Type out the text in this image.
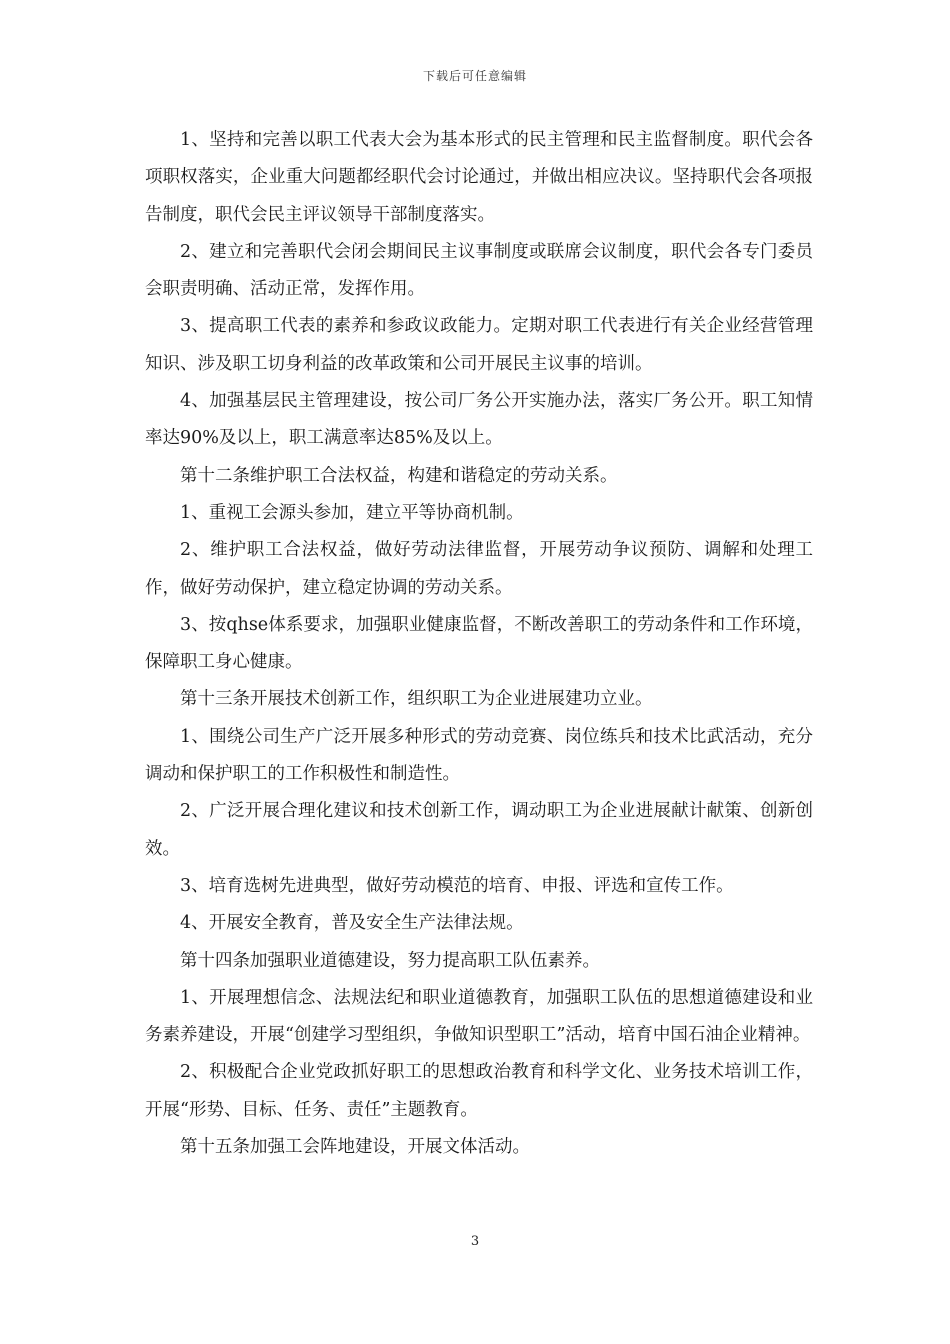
下载后可任意编辑

1、坚持和完善以职工代表大会为基本形式的民主管理和民主监督制度。职代会各项职权落实，企业重大问题都经职代会讨论通过，并做出相应决议。坚持职代会各项报告制度，职代会民主评议领导干部制度落实。

2、建立和完善职代会闭会期间民主议事制度或联席会议制度，职代会各专门委员会职责明确、活动正常，发挥作用。

3、提高职工代表的素养和参政议政能力。定期对职工代表进行有关企业经营管理知识、涉及职工切身利益的改革政策和公司开展民主议事的培训。

4、加强基层民主管理建设，按公司厂务公开实施办法，落实厂务公开。职工知情率达90%及以上，职工满意率达85%及以上。

第十二条维护职工合法权益，构建和谐稳定的劳动关系。

1、重视工会源头参加，建立平等协商机制。

2、维护职工合法权益，做好劳动法律监督，开展劳动争议预防、调解和处理工作，做好劳动保护，建立稳定协调的劳动关系。

3、按qhse体系要求，加强职业健康监督，不断改善职工的劳动条件和工作环境，保障职工身心健康。

第十三条开展技术创新工作，组织职工为企业进展建功立业。

1、围绕公司生产广泛开展多种形式的劳动竞赛、岗位练兵和技术比武活动，充分调动和保护职工的工作积极性和制造性。

2、广泛开展合理化建议和技术创新工作，调动职工为企业进展献计献策、创新创效。

3、培育选树先进典型，做好劳动模范的培育、申报、评选和宣传工作。

4、开展安全教育，普及安全生产法律法规。

第十四条加强职业道德建设，努力提高职工队伍素养。

1、开展理想信念、法规法纪和职业道德教育，加强职工队伍的思想道德建设和业务素养建设，开展“创建学习型组织，争做知识型职工”活动，培育中国石油企业精神。

2、积极配合企业党政抓好职工的思想政治教育和科学文化、业务技术培训工作，开展“形势、目标、任务、责任”主题教育。

第十五条加强工会阵地建设，开展文体活动。

3
